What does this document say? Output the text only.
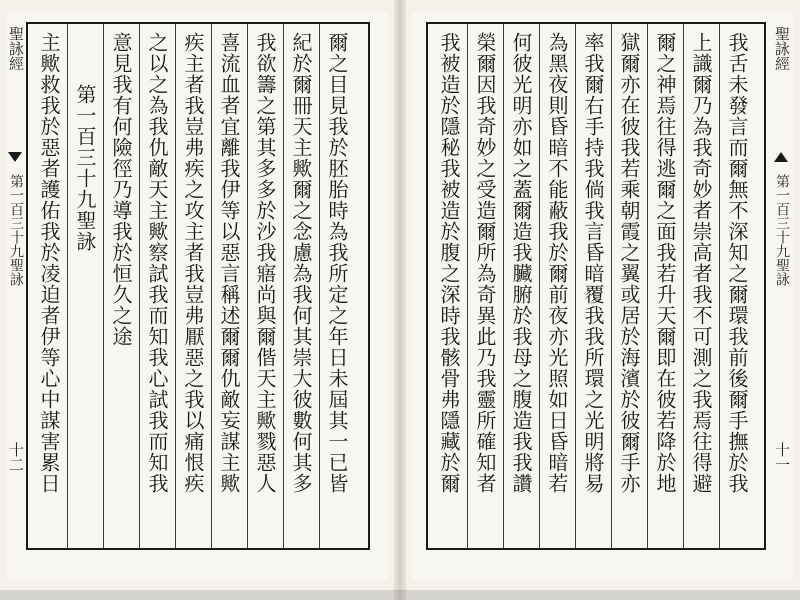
聖詠經
第一百三十九聖詠
十二 主歟救我於惡者護佑我於凌迫者伊等心中謀害累日 第一百三十九聖詠 意見我有何險徑乃導我於恒久之途 之以之為我仇敵天主歟察試我而知我心試我而知我 疾主者我豈弗疾之攻主者我豈弗厭惡之我以痛恨疾 喜流血者宜離我伊等以惡言稱述爾爾仇敵妄謀主歟 我欲籌之第其多多於沙我寤尚與爾偕天主歟戮惡人 紀於爾冊天主歟爾之念慮為我何其崇大彼數何其多 爾之目見我於胚胎時為我所定之年日未屆其一已皆	我被造於隱秘我被造於腹之深時我骸骨弗隱藏於爾 榮爾因我奇妙之受造爾所為奇異此乃我靈所確知者 何彼光明亦如之蓋爾造我臟腑於我母之腹造我我讚 為黑夜則昏暗不能蔽我於爾前夜亦光照如日昏暗若 率我爾右手持我倘我言昏暗覆我我所環之光明將易 獄爾亦在彼我若乘朝霞之翼或居於海濱於彼爾手亦 爾之神焉往得逃爾之面我若升天爾即在彼若降於地 上識爾乃為我奇妙者崇高者我不可測之我焉往得避 我舌未發言而爾無不深知之爾環我前後爾手撫於我 聖詠經
第一百三十九聖詠
十一
